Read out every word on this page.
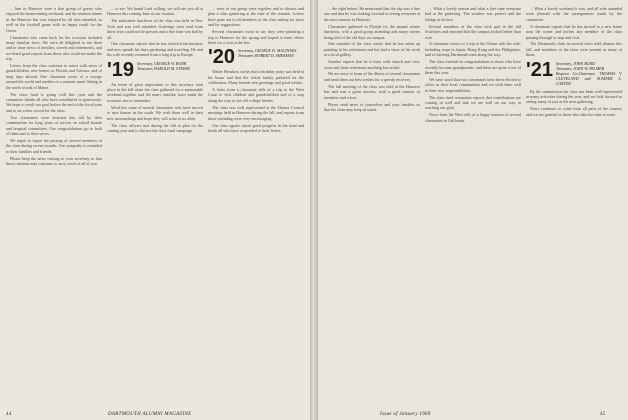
... him in Hanover were a fine group of guests who enjoyed the homecoming weekend, and the reunion dinner in the Hanover Inn was enjoyed by all who attended, as well as the football game with its happy result for the Green.

Classmates who came back for the occasion included many familiar faces. We were all delighted to see them and to share news of families, travels and retirements, and we heard good reports from those who could not make the trip.

Letters from the class continue to arrive with news of grandchildren, new homes in Florida and Arizona, and of long trips abroad. One classmate wrote of a voyage around the world and another of a summer spent fishing in the north woods of Maine.

The class fund is going well this year and the committee thanks all who have contributed so generously. We hope to reach our goal before the end of the fiscal year and to set a new record for the class.

Two classmates were honored this fall by their communities for long years of service on school boards and hospital committees. Our congratulations go to both of them and to their wives.

We regret to report the passing of several members of the class during recent months. Our sympathy is extended to their families and friends.

Please keep the news coming to your secretary so that these columns may continue to carry word of all of you.

... to see. We found Lord willing, we will see you all at Hanover this coming June at our reunion.

The midwinter luncheon of the class was held in New York and was well attended. Greetings were read from those who could not be present and a fine time was had by all.

One classmate reports that he has retired from business and now spends his days gardening and traveling. He and his wife recently returned from a long trip to Europe.

'19 Secretary, GEORGE W. BURR
Treasurer, HAROLD M. STEEBS

An event of great importance to this secretary took place in the fall when the class gathered for a memorable weekend together and the many familiar faces made the occasion one to remember.

Word has come of several classmates who have moved to new homes in the south. We wish them well in their new surroundings and hope they will write to us often.

The class officers met during the fall to plan for the coming year and to discuss the class fund campaign.

... were of our group were together and to discuss and plan a class gathering at the time of the reunion. Letters have gone out to all members of the class asking for news and for suggestions.

Several classmates wrote to say they were planning a trip to Hanover for the spring and hoped to meet others there for a visit at the Inn.

'20 Secretary, GEORGE H. MACINNES
Treasurer, ROBERT D. SHERMAN

Walter Henshaw writes that a birthday party was held in his honor and that the whole family gathered for the celebration. Many friends sent greetings and good wishes.

A letter from a classmate tells of a trip to the West Coast to visit children and grandchildren and of a stop along the way to see old college friends.

The class was well represented at the Alumni Council meetings held in Hanover during the fall, and reports from those attending were very encouraging.

Our class agents report good progress in the fund and thank all who have responded to their letters.

44	DARTMOUTH ALUMNI MAGAZINE

... the right before. He mentioned that the trip was a fine one and that he was looking forward to seeing everyone at the next reunion in Hanover.

Classmates gathered in Florida for the annual winter luncheon, with a good group attending and many stories being told of the old days on campus.

One member of the class writes that he has taken up painting in his retirement and has had a show of his work at a local gallery.

Another reports that he is busy with church and civic work and finds retirement anything but restful.

We are sorry to learn of the illness of several classmates and send them our best wishes for a speedy recovery.

The fall meeting of the class was held at the Hanover Inn and was a great success, with a good turnout of members and wives.

Please send news of yourselves and your families so that the class may keep in touch.

... What a lovely season and what a fine time everyone had at the gathering. The weather was perfect and the foliage at its best.

Several members of the class took part in the fall festivities and reported that the campus looked better than ever.

A classmate writes of a trip to the Orient with his wife, including stops in Japan, Hong Kong and the Philippines, and of meeting Dartmouth men along the way.

The class extends its congratulations to those who have recently become grandparents, and there are quite a few of them this year.

We have word that two classmates have been elected to office in their local communities and we wish them well in their new responsibilities.

The class fund committee reports that contributions are coming in well and that we are well on our way to reaching our goal.

News from the West tells of a happy reunion of several classmates in California.

... What a lovely weekend it was, and all who attended were pleased with the arrangements made by the committee.

A classmate reports that he has moved to a new home near the ocean and invites any member of the class passing through to stop and visit.

The Dartmouth clubs in several cities held dinners this fall, and members of the class were present at many of them.

'21 Secretary, JOHN BURD
Treasurer, JOHN W. PALMER
Bequest Co-Chairmen, THOMAS V. CLEVELAND and SUMNER L. CARTER

By his commission the class has been well represented in many activities during the year, and we look forward to seeing many of you at the next gathering.

News continues to come from all parts of the country and we are grateful to those who take the time to write.

Issue of January 1969	45
